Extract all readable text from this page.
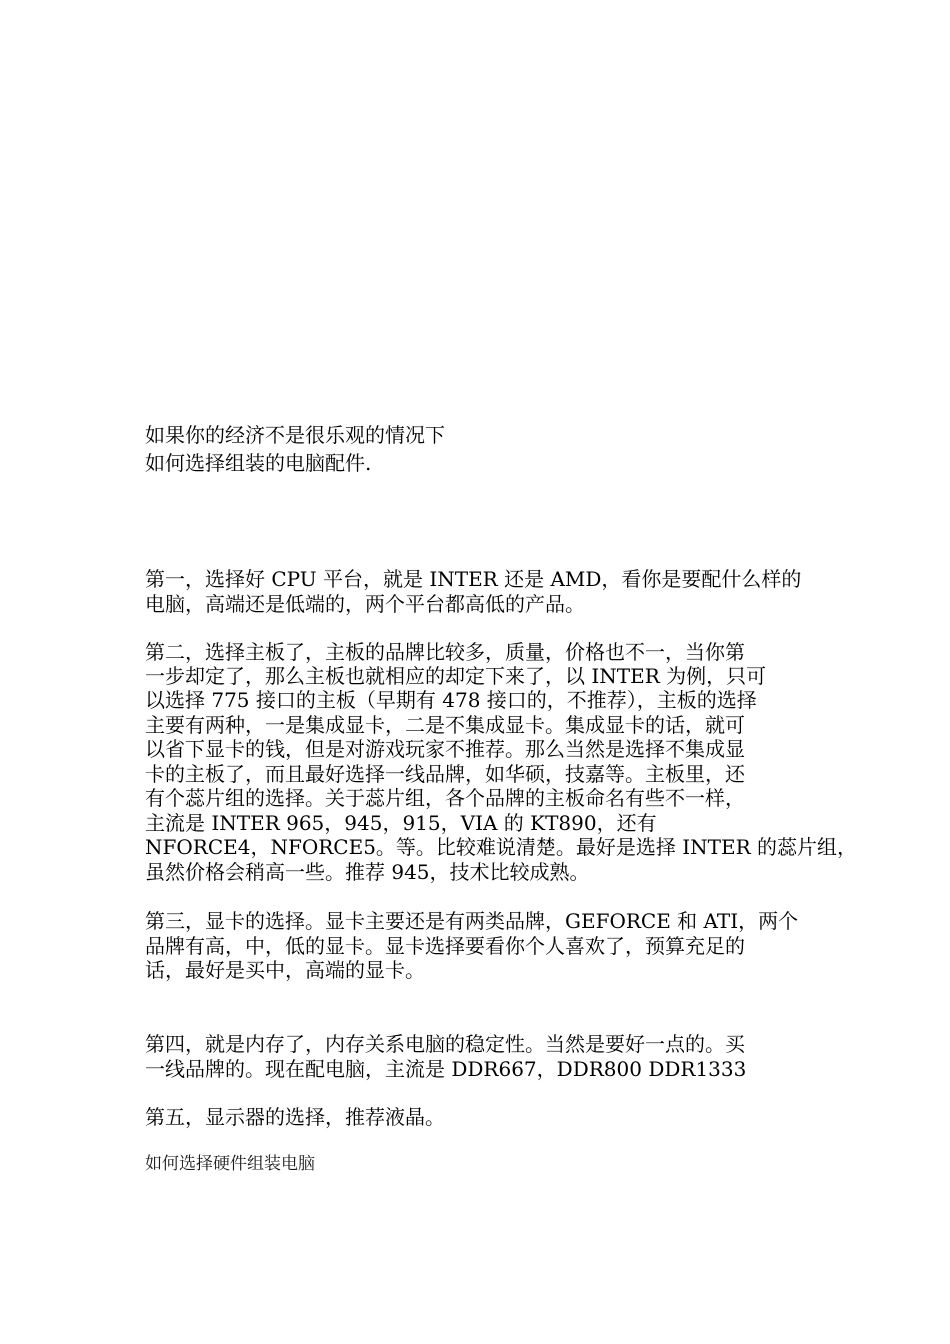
如果你的经济不是很乐观的情况下
如何选择组装的电脑配件.
第一，选择好 CPU 平台，就是 INTER 还是 AMD，看你是要配什么样的
电脑，高端还是低端的，两个平台都高低的产品。
第二，选择主板了，主板的品牌比较多，质量，价格也不一，当你第
一步却定了，那么主板也就相应的却定下来了，以 INTER 为例，只可
以选择 775 接口的主板（早期有 478 接口的，不推荐），主板的选择
主要有两种，一是集成显卡，二是不集成显卡。集成显卡的话，就可
以省下显卡的钱，但是对游戏玩家不推荐。那么当然是选择不集成显
卡的主板了，而且最好选择一线品牌，如华硕，技嘉等。主板里，还
有个蕊片组的选择。关于蕊片组，各个品牌的主板命名有些不一样，
主流是 INTER 965，945，915，VIA 的 KT890，还有
NFORCE4，NFORCE5。等。比较难说清楚。最好是选择 INTER 的蕊片组，
虽然价格会稍高一些。推荐 945，技术比较成熟。
第三，显卡的选择。显卡主要还是有两类品牌，GEFORCE 和 ATI，两个
品牌有高，中，低的显卡。显卡选择要看你个人喜欢了，预算充足的
话，最好是买中，高端的显卡。
第四，就是内存了，内存关系电脑的稳定性。当然是要好一点的。买
一线品牌的。现在配电脑，主流是 DDR667，DDR800 DDR1333
第五，显示器的选择，推荐液晶。
如何选择硬件组装电脑
